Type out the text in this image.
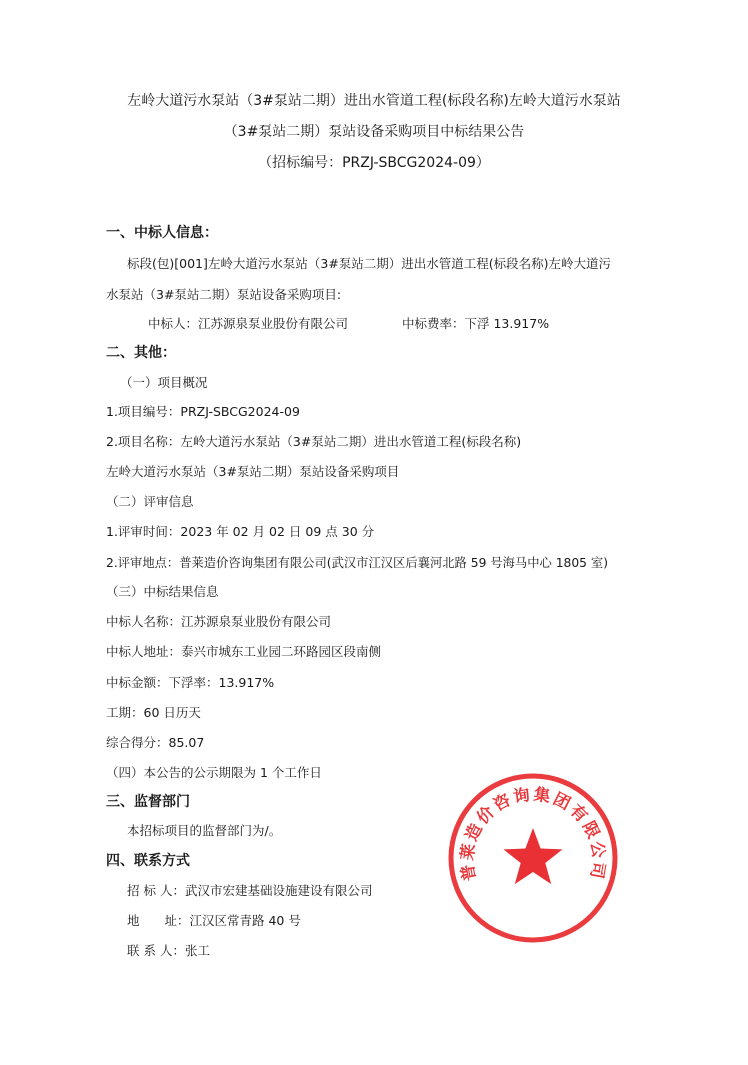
左岭大道污水泵站（3#泵站二期）进出水管道工程(标段名称)左岭大道污水泵站
（3#泵站二期）泵站设备采购项目中标结果公告
（招标编号：PRZJ-SBCG2024-09）
一、中标人信息：
标段(包)[001]左岭大道污水泵站（3#泵站二期）进出水管道工程(标段名称)左岭大道污
水泵站（3#泵站二期）泵站设备采购项目:
中标人：江苏源泉泵业股份有限公司	中标费率：下浮 13.917%
二、其他：
（一）项目概况
1.项目编号：PRZJ-SBCG2024-09
2.项目名称：左岭大道污水泵站（3#泵站二期）进出水管道工程(标段名称)
左岭大道污水泵站（3#泵站二期）泵站设备采购项目
（二）评审信息
1.评审时间：2023 年 02 月 02 日 09 点 30 分
2.评审地点：普莱造价咨询集团有限公司(武汉市江汉区后襄河北路 59 号海马中心 1805 室)
（三）中标结果信息
中标人名称：江苏源泉泵业股份有限公司
中标人地址：泰兴市城东工业园二环路园区段南侧
中标金额：下浮率：13.917%
工期：60 日历天
综合得分：85.07
（四）本公告的公示期限为 1 个工作日
三、监督部门
本招标项目的监督部门为/。
四、联系方式
招 标 人：武汉市宏建基础设施建设有限公司
地　　址：江汉区常青路 40 号
联 系 人：张工
普莱造价咨询集团有限公司
